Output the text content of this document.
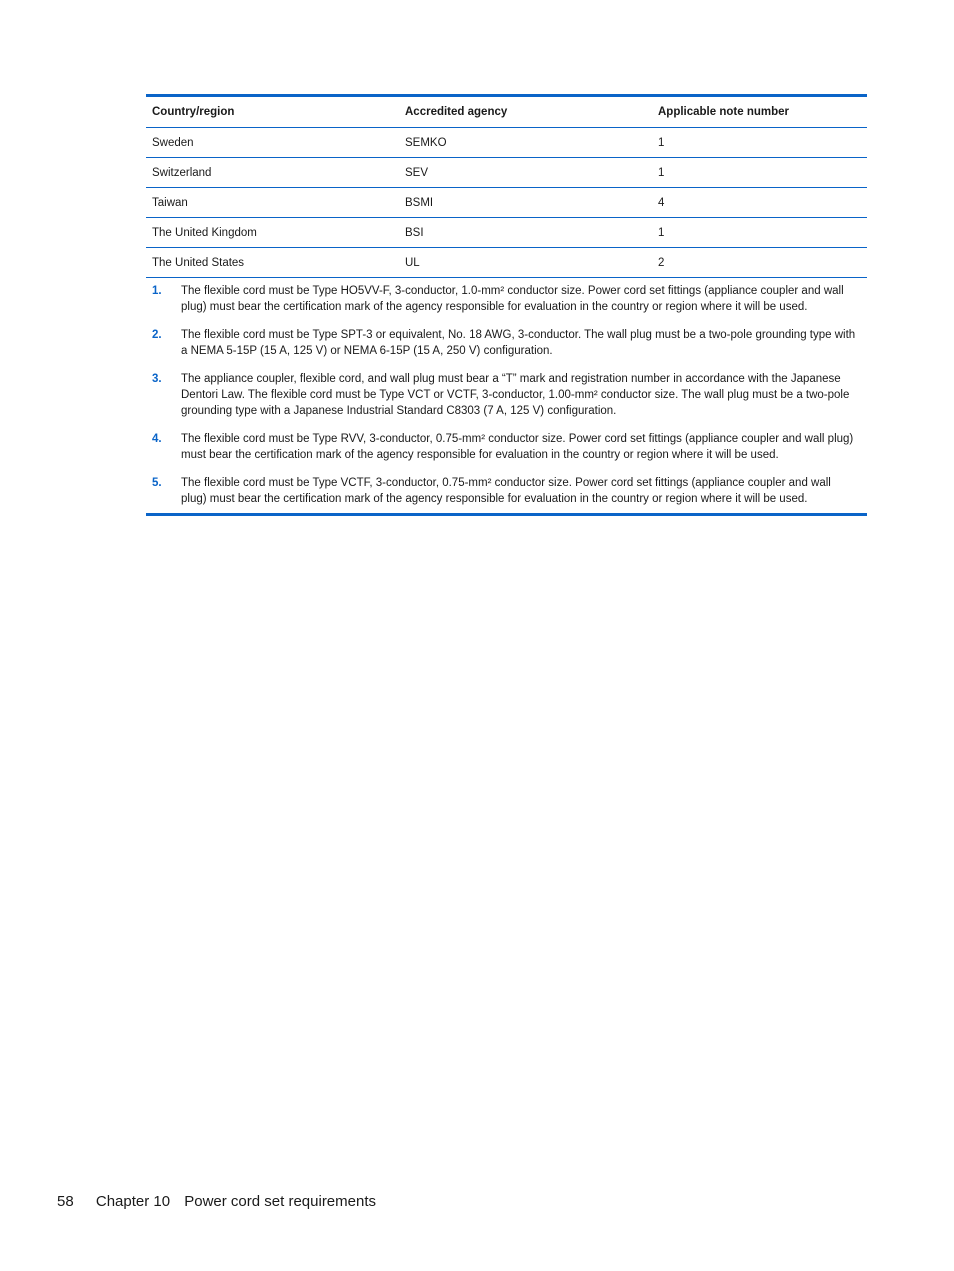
Country/region	Accredited agency	Applicable note number
Sweden	SEMKO	1
Switzerland	SEV	1
Taiwan	BSMI	4
The United Kingdom	BSI	1
The United States	UL	2
1.	The flexible cord must be Type HO5VV-F, 3-conductor, 1.0-mm² conductor size. Power cord set fittings (appliance coupler and wall plug) must bear the certification mark of the agency responsible for evaluation in the country or region where it will be used.
2.	The flexible cord must be Type SPT-3 or equivalent, No. 18 AWG, 3-conductor. The wall plug must be a two-pole grounding type with a NEMA 5-15P (15 A, 125 V) or NEMA 6-15P (15 A, 250 V) configuration.
3.	The appliance coupler, flexible cord, and wall plug must bear a “T” mark and registration number in accordance with the Japanese Dentori Law. The flexible cord must be Type VCT or VCTF, 3-conductor, 1.00-mm² conductor size. The wall plug must be a two-pole grounding type with a Japanese Industrial Standard C8303 (7 A, 125 V) configuration.
4.	The flexible cord must be Type RVV, 3-conductor, 0.75-mm² conductor size. Power cord set fittings (appliance coupler and wall plug) must bear the certification mark of the agency responsible for evaluation in the country or region where it will be used.
5.	The flexible cord must be Type VCTF, 3-conductor, 0.75-mm² conductor size. Power cord set fittings (appliance coupler and wall plug) must bear the certification mark of the agency responsible for evaluation in the country or region where it will be used.
58 Chapter 10 Power cord set requirements
